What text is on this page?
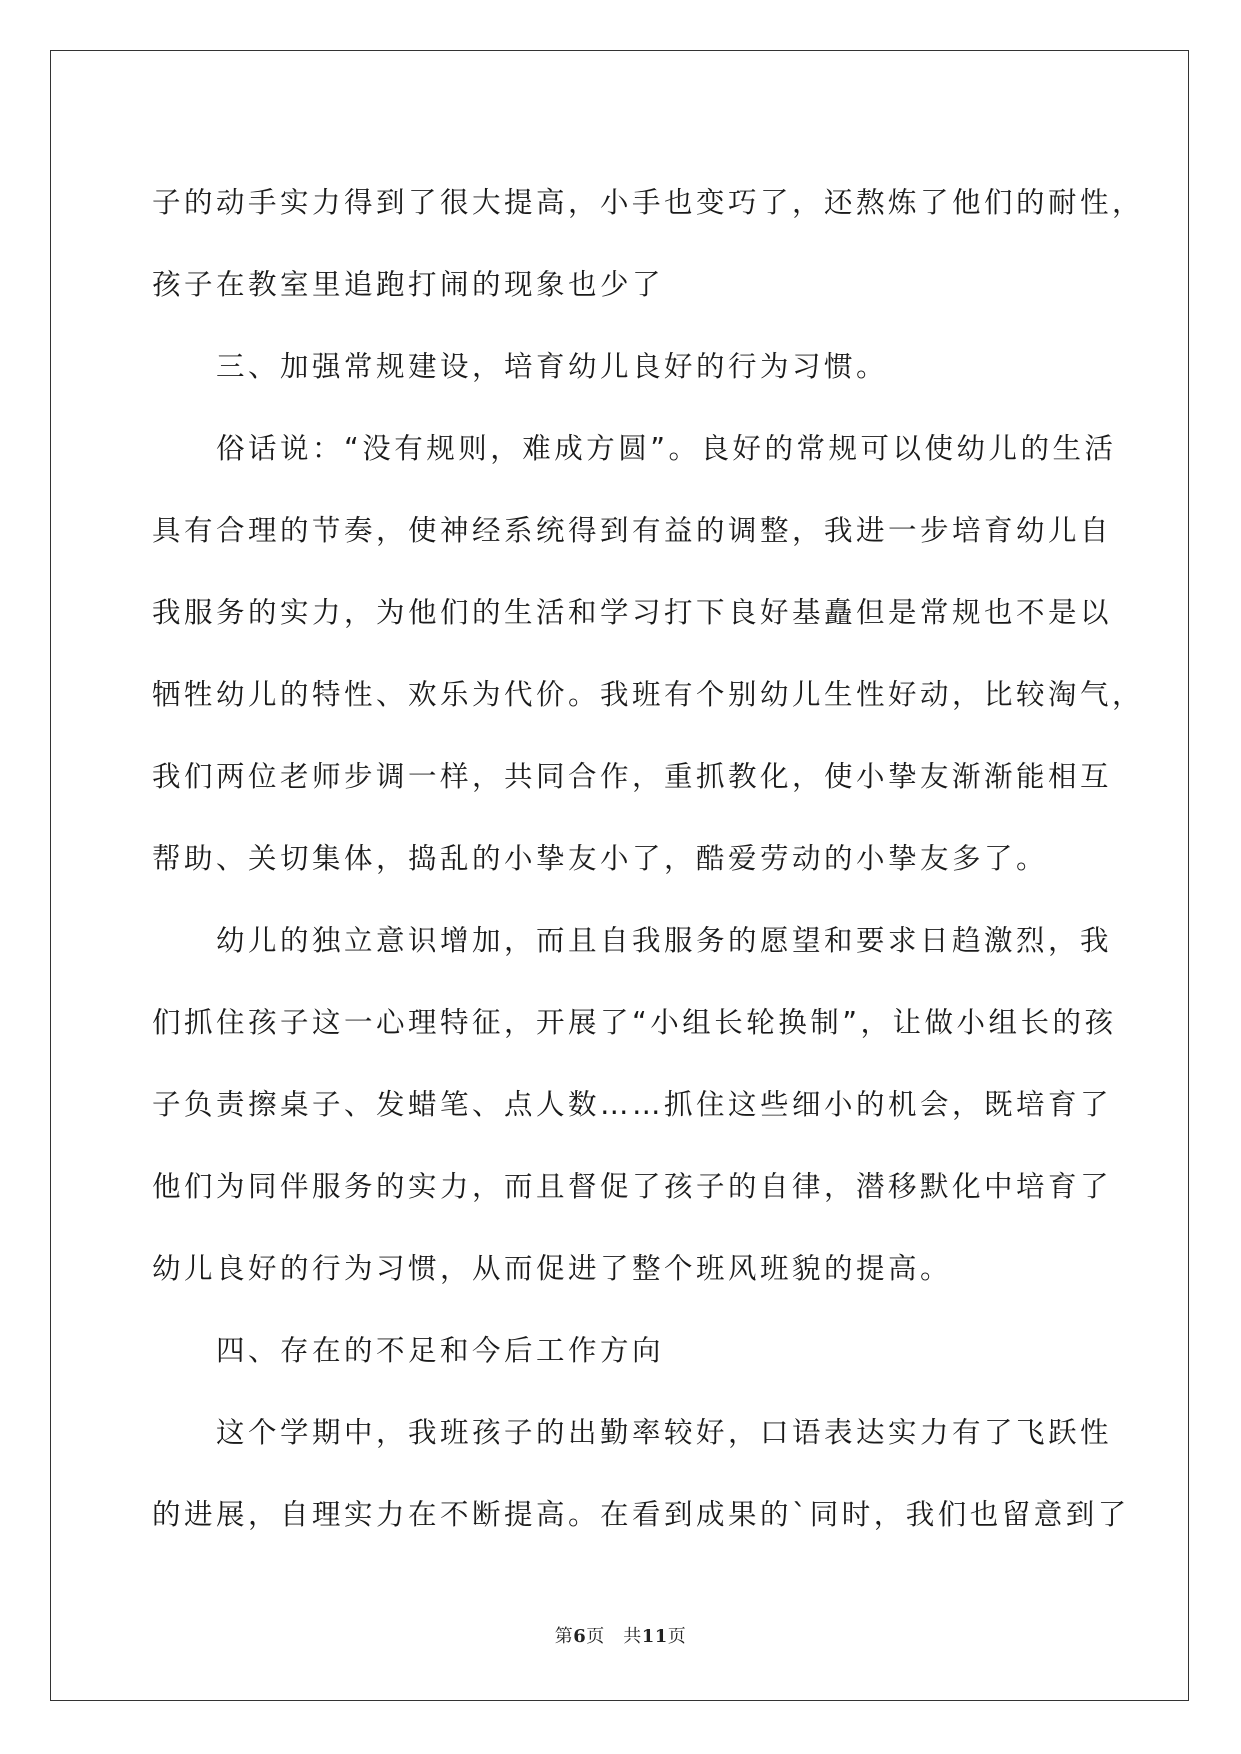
子的动手实力得到了很大提高，小手也变巧了，还熬炼了他们的耐性，
孩子在教室里追跑打闹的现象也少了
三、加强常规建设，培育幼儿良好的行为习惯。
俗话说：“没有规则，难成方圆”。良好的常规可以使幼儿的生活
具有合理的节奏，使神经系统得到有益的调整，我进一步培育幼儿自
我服务的实力，为他们的生活和学习打下良好基矗但是常规也不是以
牺牲幼儿的特性、欢乐为代价。我班有个别幼儿生性好动，比较淘气，
我们两位老师步调一样，共同合作，重抓教化，使小挚友渐渐能相互
帮助、关切集体，捣乱的小挚友小了，酷爱劳动的小挚友多了。
幼儿的独立意识增加，而且自我服务的愿望和要求日趋激烈，我
们抓住孩子这一心理特征，开展了“小组长轮换制”，让做小组长的孩
子负责擦桌子、发蜡笔、点人数……抓住这些细小的机会，既培育了
他们为同伴服务的实力，而且督促了孩子的自律，潜移默化中培育了
幼儿良好的行为习惯，从而促进了整个班风班貌的提高。
四、存在的不足和今后工作方向
这个学期中，我班孩子的出勤率较好，口语表达实力有了飞跃性
的进展，自理实力在不断提高。在看到成果的`同时，我们也留意到了
第6页　共11页
